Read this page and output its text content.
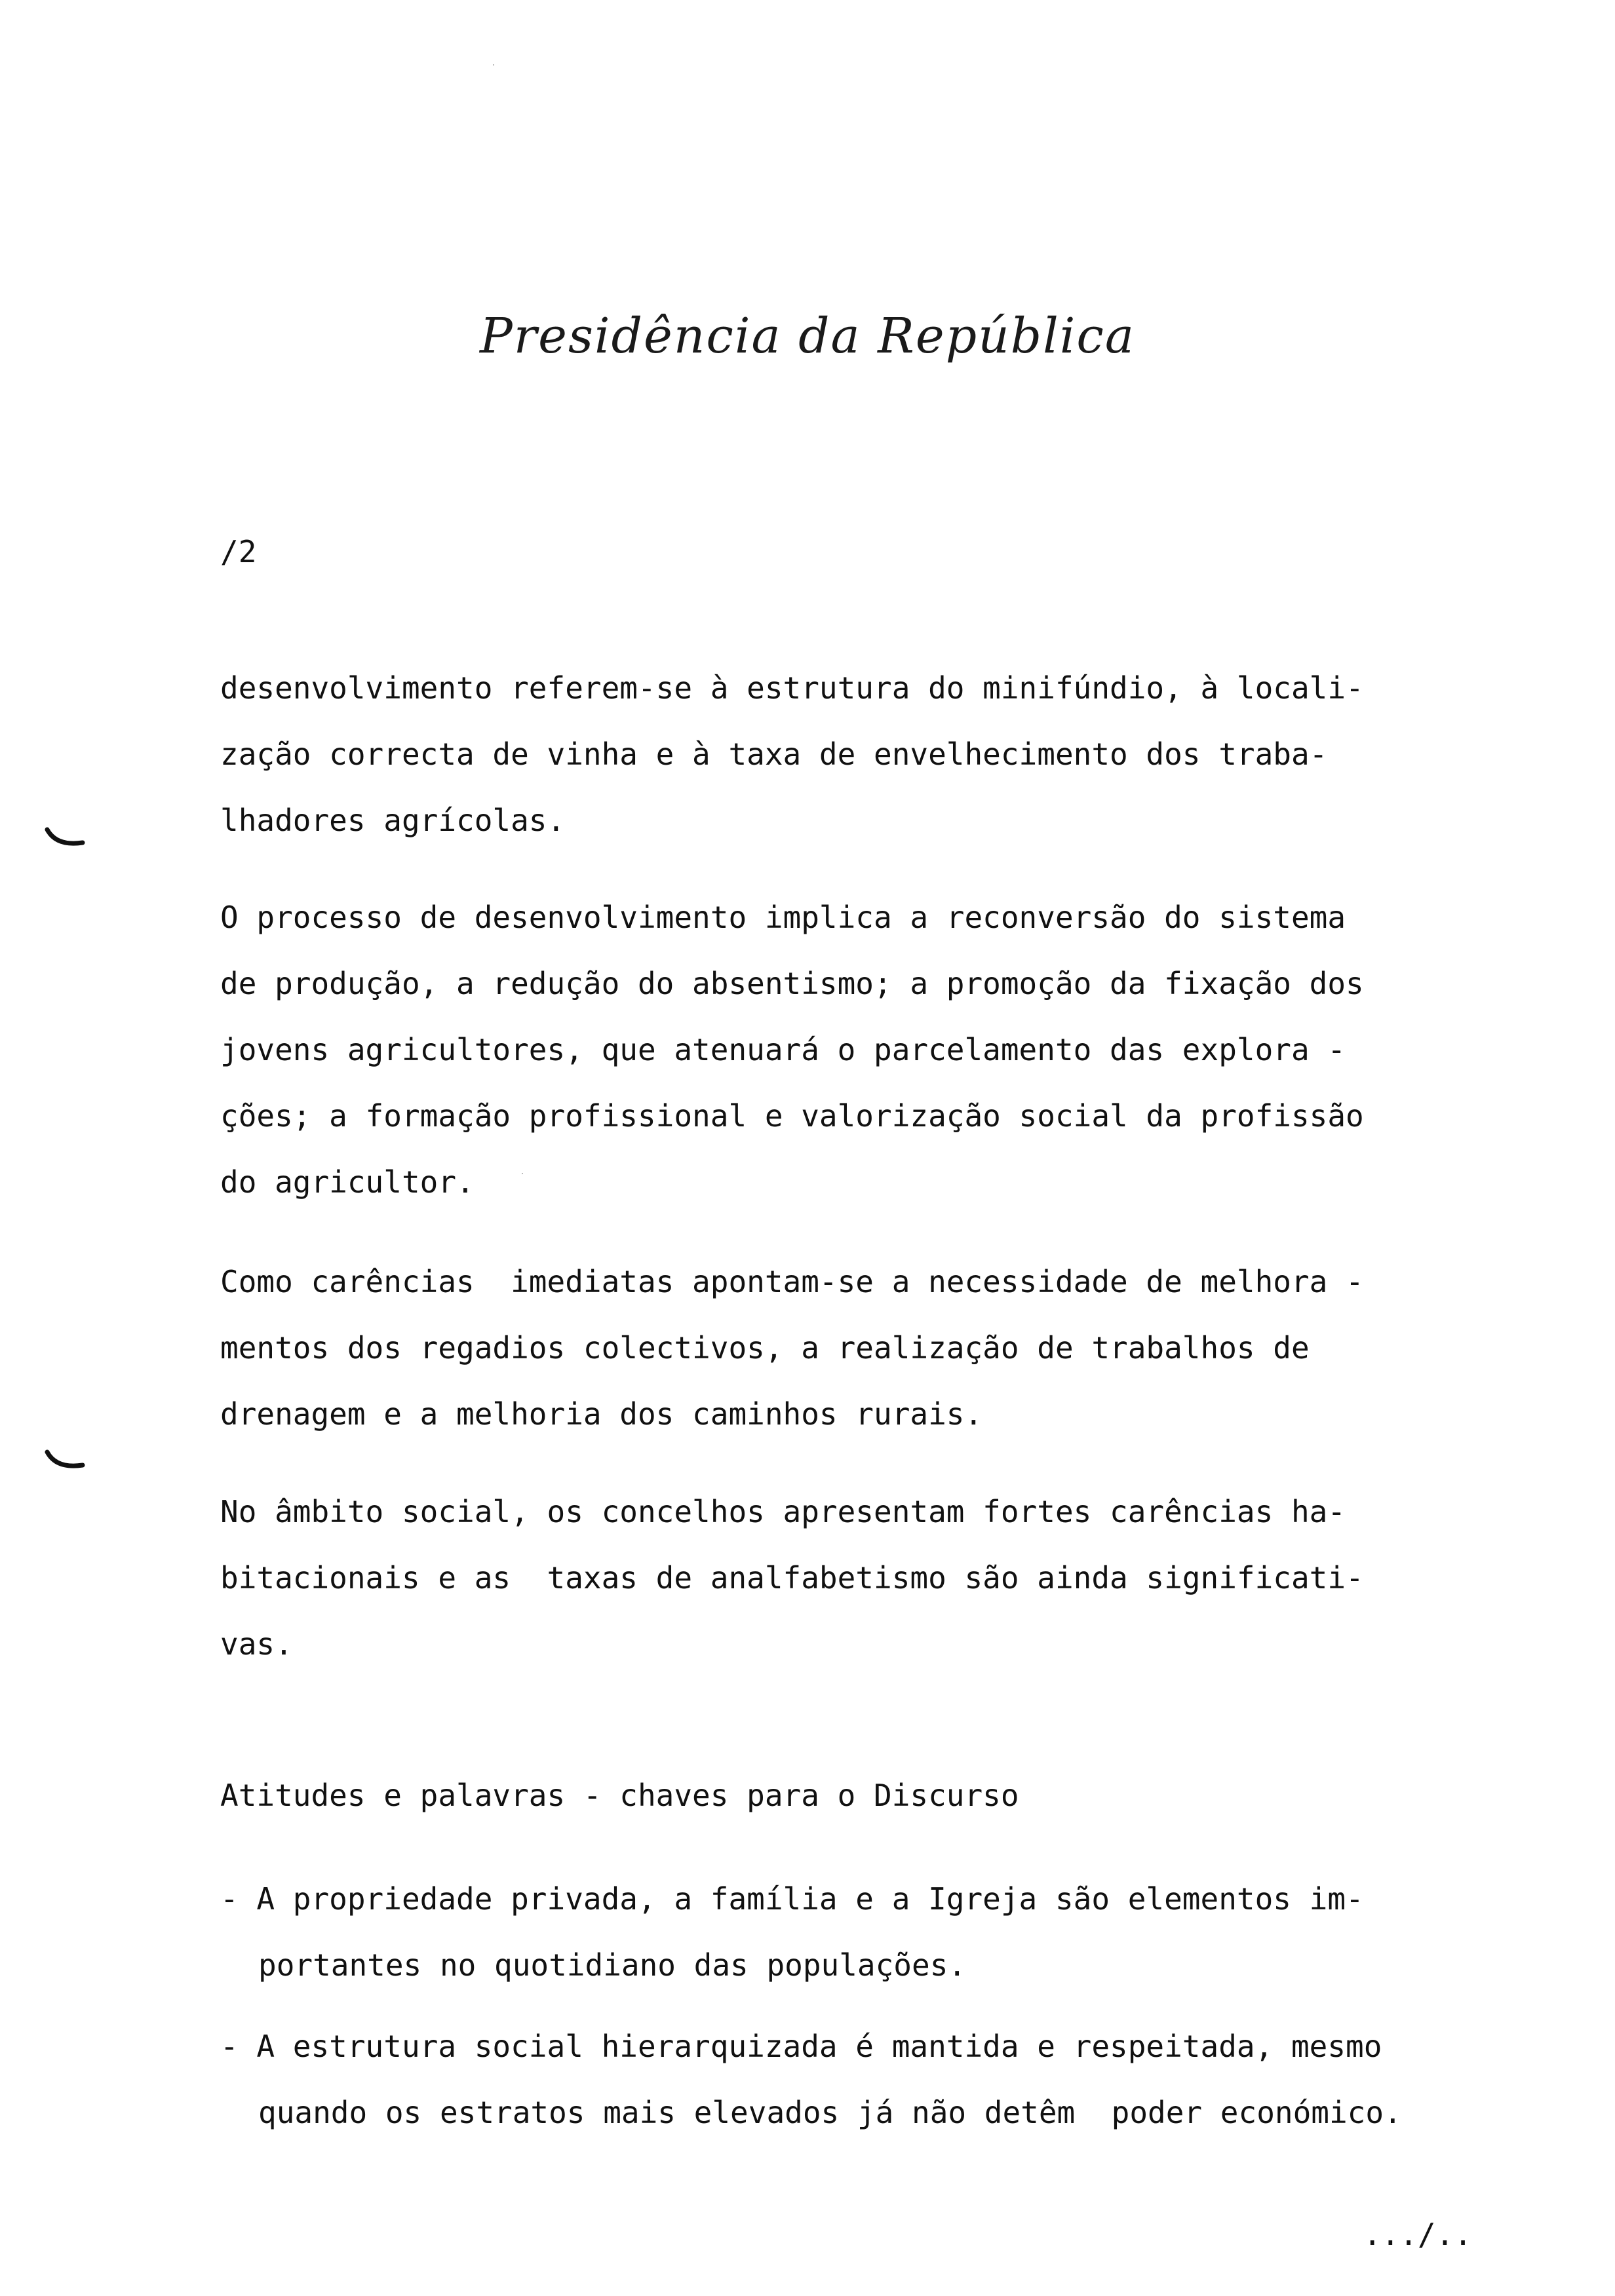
Presidência da República
/2
desenvolvimento referem-se à estrutura do minifúndio, à locali-
zação correcta de vinha e à taxa de envelhecimento dos traba-
lhadores agrícolas.
O processo de desenvolvimento implica a reconversão do sistema
de produção, a redução do absentismo; a promoção da fixação dos
jovens agricultores, que atenuará o parcelamento das explora -
ções; a formação profissional e valorização social da profissão
do agricultor.
Como carências  imediatas apontam-se a necessidade de melhora -
mentos dos regadios colectivos, a realização de trabalhos de
drenagem e a melhoria dos caminhos rurais.
No âmbito social, os concelhos apresentam fortes carências ha-
bitacionais e as  taxas de analfabetismo são ainda significati-
vas.
Atitudes e palavras - chaves para o Discurso
- A propriedade privada, a família e a Igreja são elementos im-
portantes no quotidiano das populações.
- A estrutura social hierarquizada é mantida e respeitada, mesmo
quando os estratos mais elevados já não detêm  poder económico.
.../..
